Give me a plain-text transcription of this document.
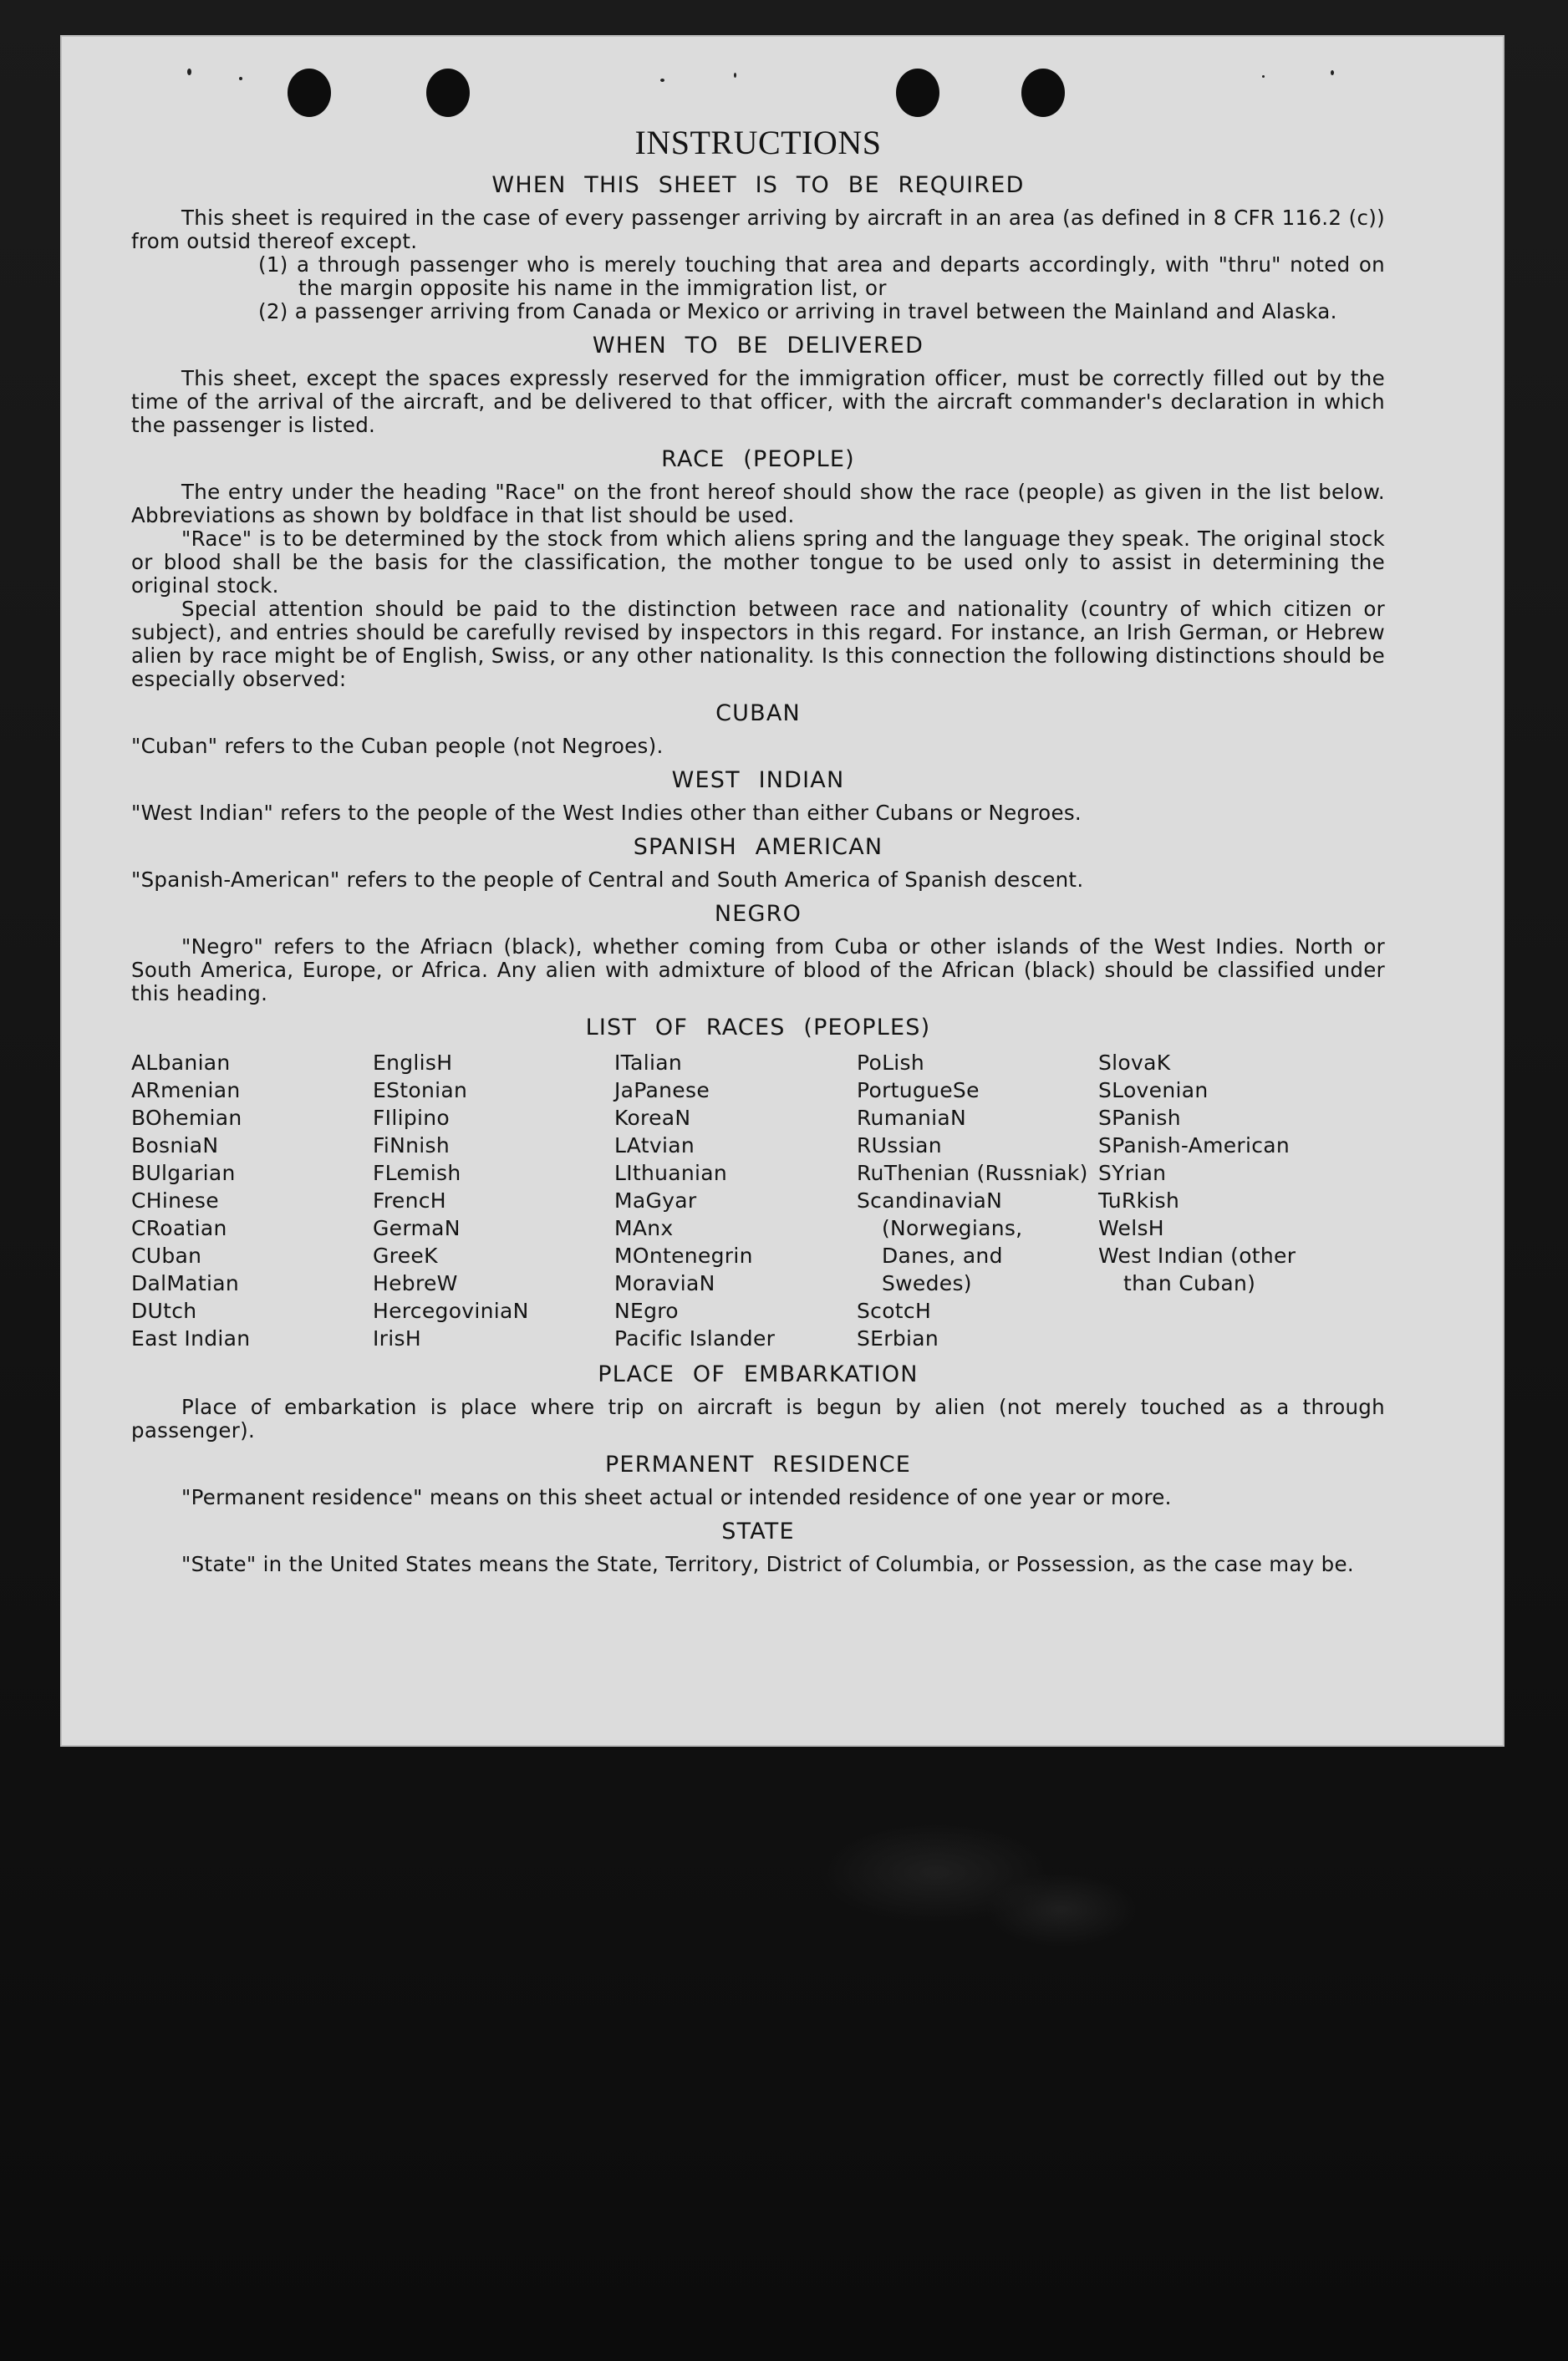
INSTRUCTIONS
WHEN THIS SHEET IS TO BE REQUIRED

This sheet is required in the case of every passenger arriving by aircraft in an area (as defined in 8 CFR 116.2 (c)) from outsid thereof except.

(1) a through passenger who is merely touching that area and departs accordingly, with "thru" noted on the margin opposite his name in the immigration list, or

(2) a passenger arriving from Canada or Mexico or arriving in travel between the Mainland and Alaska.

WHEN TO BE DELIVERED

This sheet, except the spaces expressly reserved for the immigration officer, must be correctly filled out by the time of the arrival of the aircraft, and be delivered to that officer, with the aircraft commander's declaration in which the passenger is listed.

RACE (PEOPLE)

The entry under the heading "Race" on the front hereof should show the race (people) as given in the list below. Abbreviations as shown by boldface in that list should be used.

"Race" is to be determined by the stock from which aliens spring and the language they speak. The original stock or blood shall be the basis for the classification, the mother tongue to be used only to assist in determining the original stock.

Special attention should be paid to the distinction between race and nationality (country of which citizen or subject), and entries should be carefully revised by inspectors in this regard. For instance, an Irish German, or Hebrew alien by race might be of English, Swiss, or any other nationality. Is this connection the following distinctions should be especially observed:

CUBAN

"Cuban" refers to the Cuban people (not Negroes).

WEST INDIAN

"West Indian" refers to the people of the West Indies other than either Cubans or Negroes.

SPANISH AMERICAN

"Spanish-American" refers to the people of Central and South America of Spanish descent.

NEGRO

"Negro" refers to the Afriacn (black), whether coming from Cuba or other islands of the West Indies. North or South America, Europe, or Africa. Any alien with admixture of blood of the African (black) should be classified under this heading.

LIST OF RACES (PEOPLES)
ALbanian
ARmenian
BOhemian
BosniaN
BUlgarian
CHinese
CRoatian
CUban
DalMatian
DUtch
East Indian
EnglisH
EStonian
FIlipino
FiNnish
FLemish
FrencH
GermaN
GreeK
HebreW
HercegoviniaN
IrisH
ITalian
JaPanese
KoreaN
LAtvian
LIthuanian
MaGyar
MAnx
MOntenegrin
MoraviaN
NEgro
Pacific Islander
PoLish
PortugueSe
RumaniaN
RUssian
RuThenian (Russniak)
ScandinaviaN (Norwegians, Danes, and Swedes)
ScotcH
SErbian
SlovaK
SLovenian
SPanish
SPanish-American
SYrian
TuRkish
WelsH
West Indian (other than Cuban)
PLACE OF EMBARKATION

Place of embarkation is place where trip on aircraft is begun by alien (not merely touched as a through passenger).

PERMANENT RESIDENCE

"Permanent residence" means on this sheet actual or intended residence of one year or more.

STATE

"State" in the United States means the State, Territory, District of Columbia, or Possession, as the case may be.
